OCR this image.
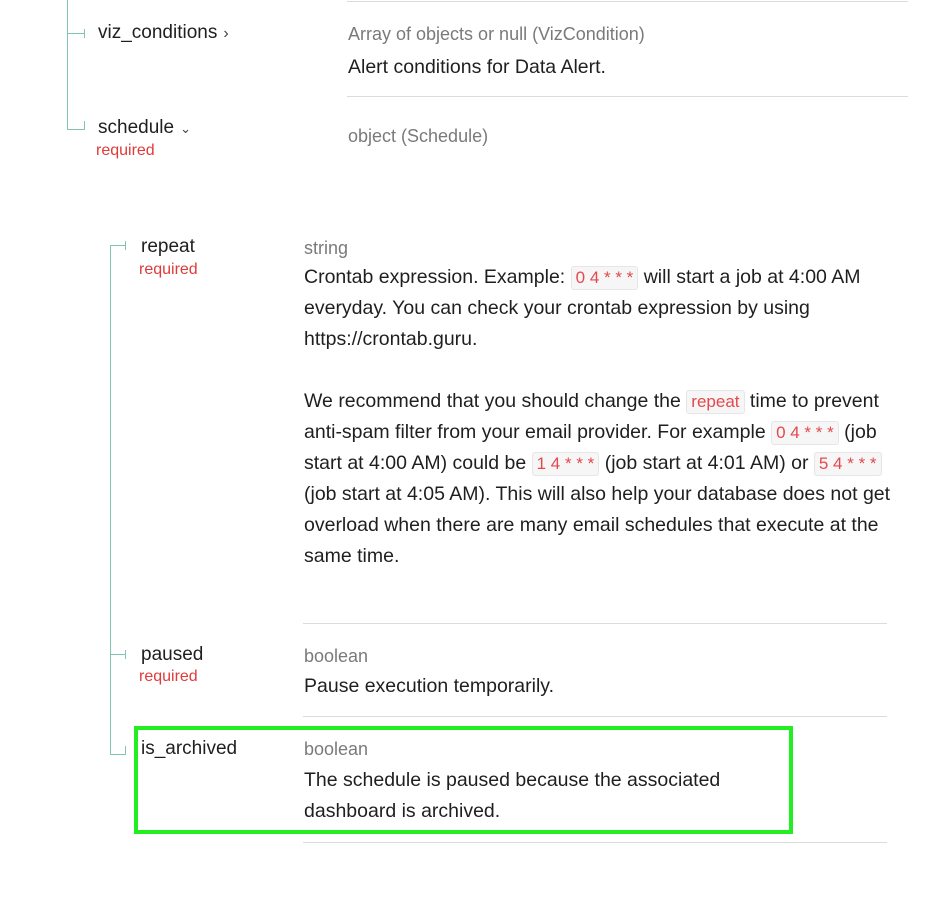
viz_conditions ›	Array of objects or null (VizCondition)
Alert conditions for Data Alert.
schedule ⌄
required
object (Schedule)
repeat
required
string

Crontab expression. Example: 0 4 * * * will start a job at 4:00 AM everyday. You can check your crontab expression by using https://crontab.guru.

We recommend that you should change the repeat time to prevent anti-spam filter from your email provider. For example 0 4 * * * (job start at 4:00 AM) could be 1 4 * * * (job start at 4:01 AM) or 5 4 * * *(job start at 4:05 AM). This will also help your database does not get overload when there are many email schedules that execute at the same time.

paused
required
boolean
Pause execution temporarily.
is_archived	boolean
The schedule is paused because the associated dashboard is archived.
